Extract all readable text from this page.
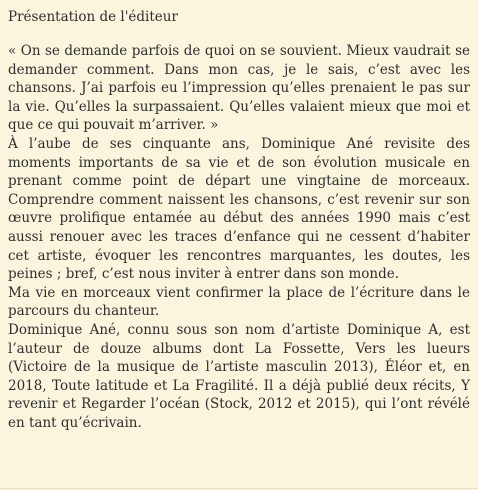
Présentation de l'éditeur

« On se demande parfois de quoi on se souvient. Mieux vaudrait se demander comment. Dans mon cas, je le sais, c’est avec les chansons. J’ai parfois eu l’impression qu’elles prenaient le pas sur la vie. Qu’elles la surpassaient. Qu’elles valaient mieux que moi et que ce qui pouvait m’arriver. »

À l’aube de ses cinquante ans, Dominique Ané revisite des moments importants de sa vie et de son évolution musicale en prenant comme point de départ une vingtaine de morceaux. Comprendre comment naissent les chansons, c’est revenir sur son œuvre prolifique entamée au début des années 1990 mais c’est aussi renouer avec les traces d’enfance qui ne cessent d’habiter cet artiste, évoquer les rencontres marquantes, les doutes, les peines ; bref, c’est nous inviter à entrer dans son monde.

Ma vie en morceaux vient confirmer la place de l’écriture dans le parcours du chanteur.

Dominique Ané, connu sous son nom d’artiste Dominique A, est l’auteur de douze albums dont La Fossette, Vers les lueurs (Victoire de la musique de l’artiste masculin 2013), Éléor et, en 2018, Toute latitude et La Fragilité. Il a déjà publié deux récits, Y revenir et Regarder l’océan (Stock, 2012 et 2015), qui l’ont révélé en tant qu’écrivain.
